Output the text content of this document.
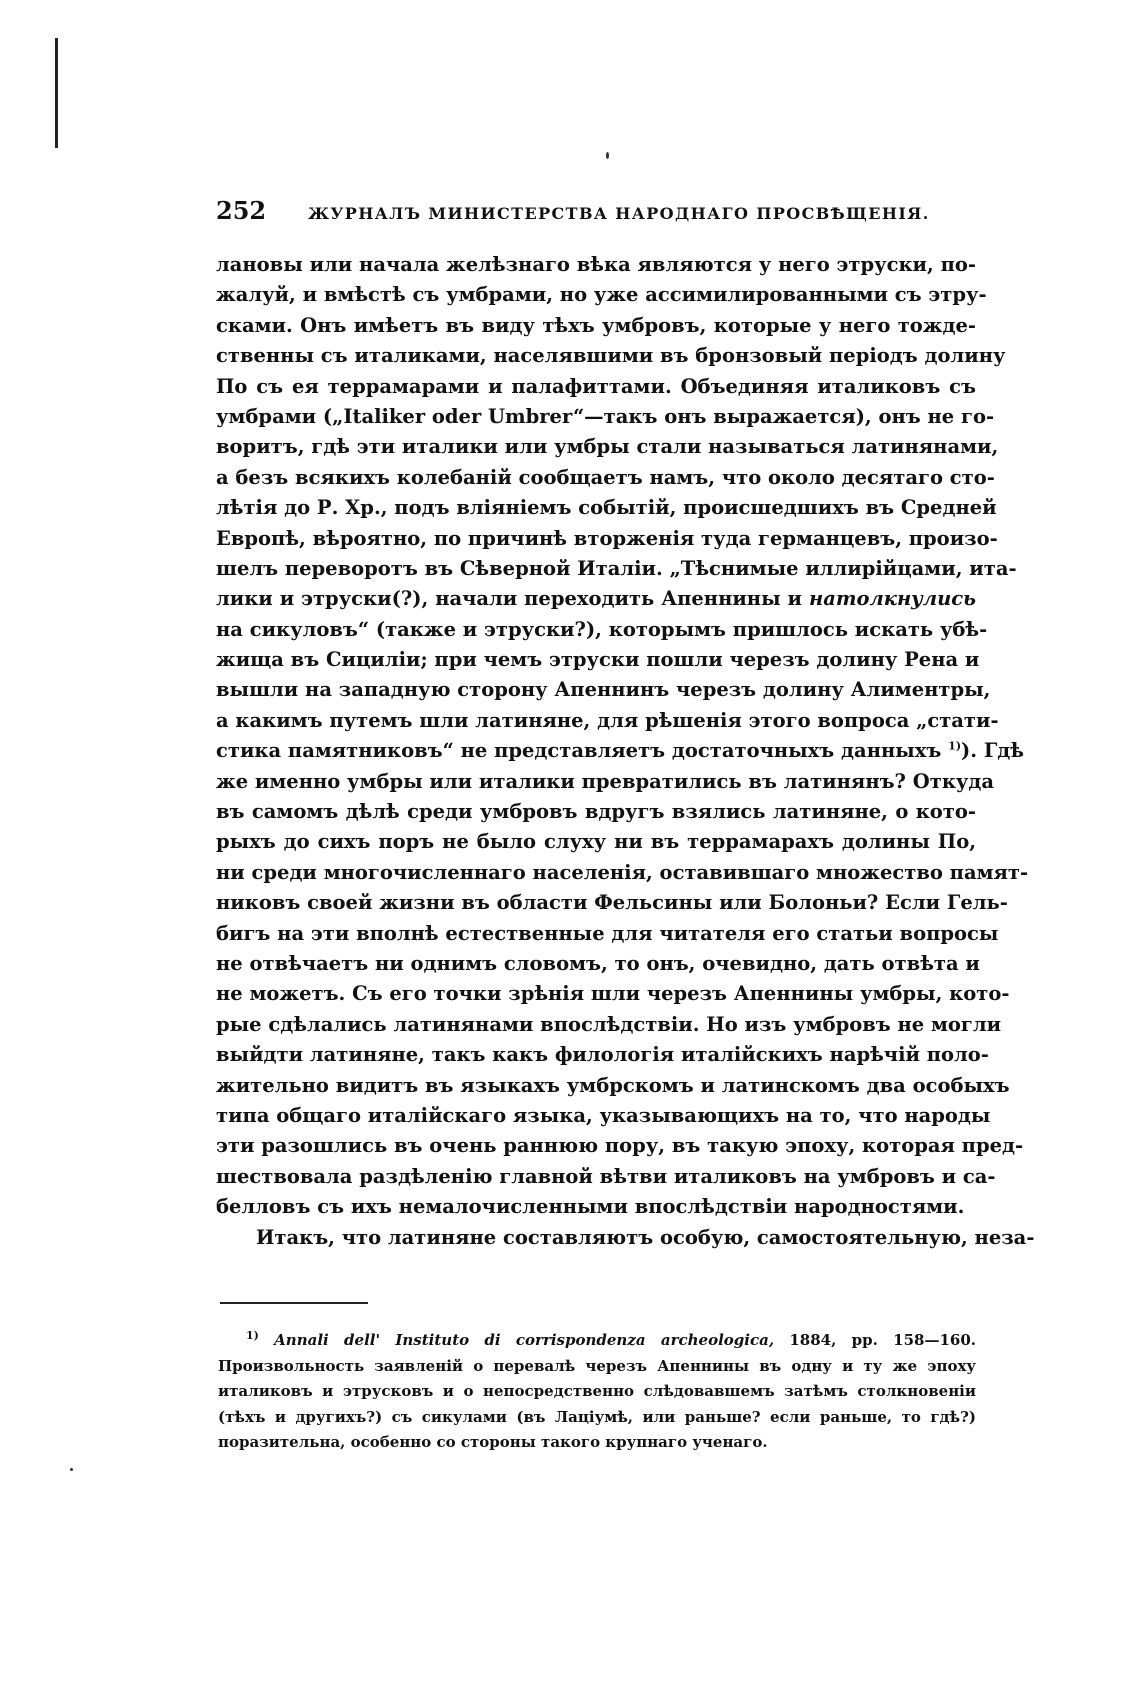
252	ЖУРНАЛЪ МИНИСТЕРСТВА НАРОДНАГО ПРОСВѢЩЕНІЯ.
лановы или начала желѣзнаго вѣка являются у него этруски, по-
жалуй, и вмѣстѣ съ умбрами, но уже ассимилированными съ этру-
сками. Онъ имѣетъ въ виду тѣхъ умбровъ, которые у него тожде-
ственны съ италиками, населявшими въ бронзовый періодъ долину
По съ ея террамарами и палафиттами. Объединяя италиковъ съ
умбрами („Italiker oder Umbrer“—такъ онъ выражается), онъ не го-
воритъ, гдѣ эти италики или умбры стали называться латинянами,
а безъ всякихъ колебаній сообщаетъ намъ, что около десятаго сто-
лѣтія до Р. Хр., подъ вліяніемъ событій, происшедшихъ въ Средней
Европѣ, вѣроятно, по причинѣ вторженія туда германцевъ, произо-
шелъ переворотъ въ Сѣверной Италіи. „Тѣснимые иллирійцами, ита-
лики и этруски(?), начали переходить Апеннины и натолкнулись
на сикуловъ“ (также и этруски?), которымъ пришлось искать убѣ-
жища въ Сициліи; при чемъ этруски пошли черезъ долину Рена и
вышли на западную сторону Апеннинъ черезъ долину Алиментры,
а какимъ путемъ шли латиняне, для рѣшенія этого вопроса „стати-
стика памятниковъ“ не представляетъ достаточныхъ данныхъ $^{1)}$). Гдѣ
же именно умбры или италики превратились въ латинянъ? Откуда
въ самомъ дѣлѣ среди умбровъ вдругъ взялись латиняне, о кото-
рыхъ до сихъ поръ не было слуху ни въ террамарахъ долины По,
ни среди многочисленнаго населенія, оставившаго множество памят-
никовъ своей жизни въ области Фельсины или Болоньи? Если Гель-
бигъ на эти вполнѣ естественные для читателя его статьи вопросы
не отвѣчаетъ ни однимъ словомъ, то онъ, очевидно, дать отвѣта и
не можетъ. Съ его точки зрѣнія шли черезъ Апеннины умбры, кото-
рые сдѣлались латинянами впослѣдствіи. Но изъ умбровъ не могли
выйдти латиняне, такъ какъ филологія италійскихъ нарѣчій поло-
жительно видитъ въ языкахъ умбрскомъ и латинскомъ два особыхъ
типа общаго италійскаго языка, указывающихъ на то, что народы
эти разошлись въ очень раннюю пору, въ такую эпоху, которая пред-
шествовала раздѣленію главной вѣтви италиковъ на умбровъ и са-
белловъ съ ихъ немалочисленными впослѣдствіи народностями.
Итакъ, что латиняне составляютъ особую, самостоятельную, неза-
$^{1)}$ Annali dell' Instituto di corrispondenza archeologica, 1884, pp. 158—160.
Произвольность заявленій о перевалѣ черезъ Апеннины въ одну и ту же эпоху
италиковъ и этрусковъ и о непосредственно слѣдовавшемъ затѣмъ столкновеніи
(тѣхъ и другихъ?) съ сикулами (въ Лаціумѣ, или раньше? если раньше, то гдѣ?)
поразительна, особенно со стороны такого крупнаго ученаго.
